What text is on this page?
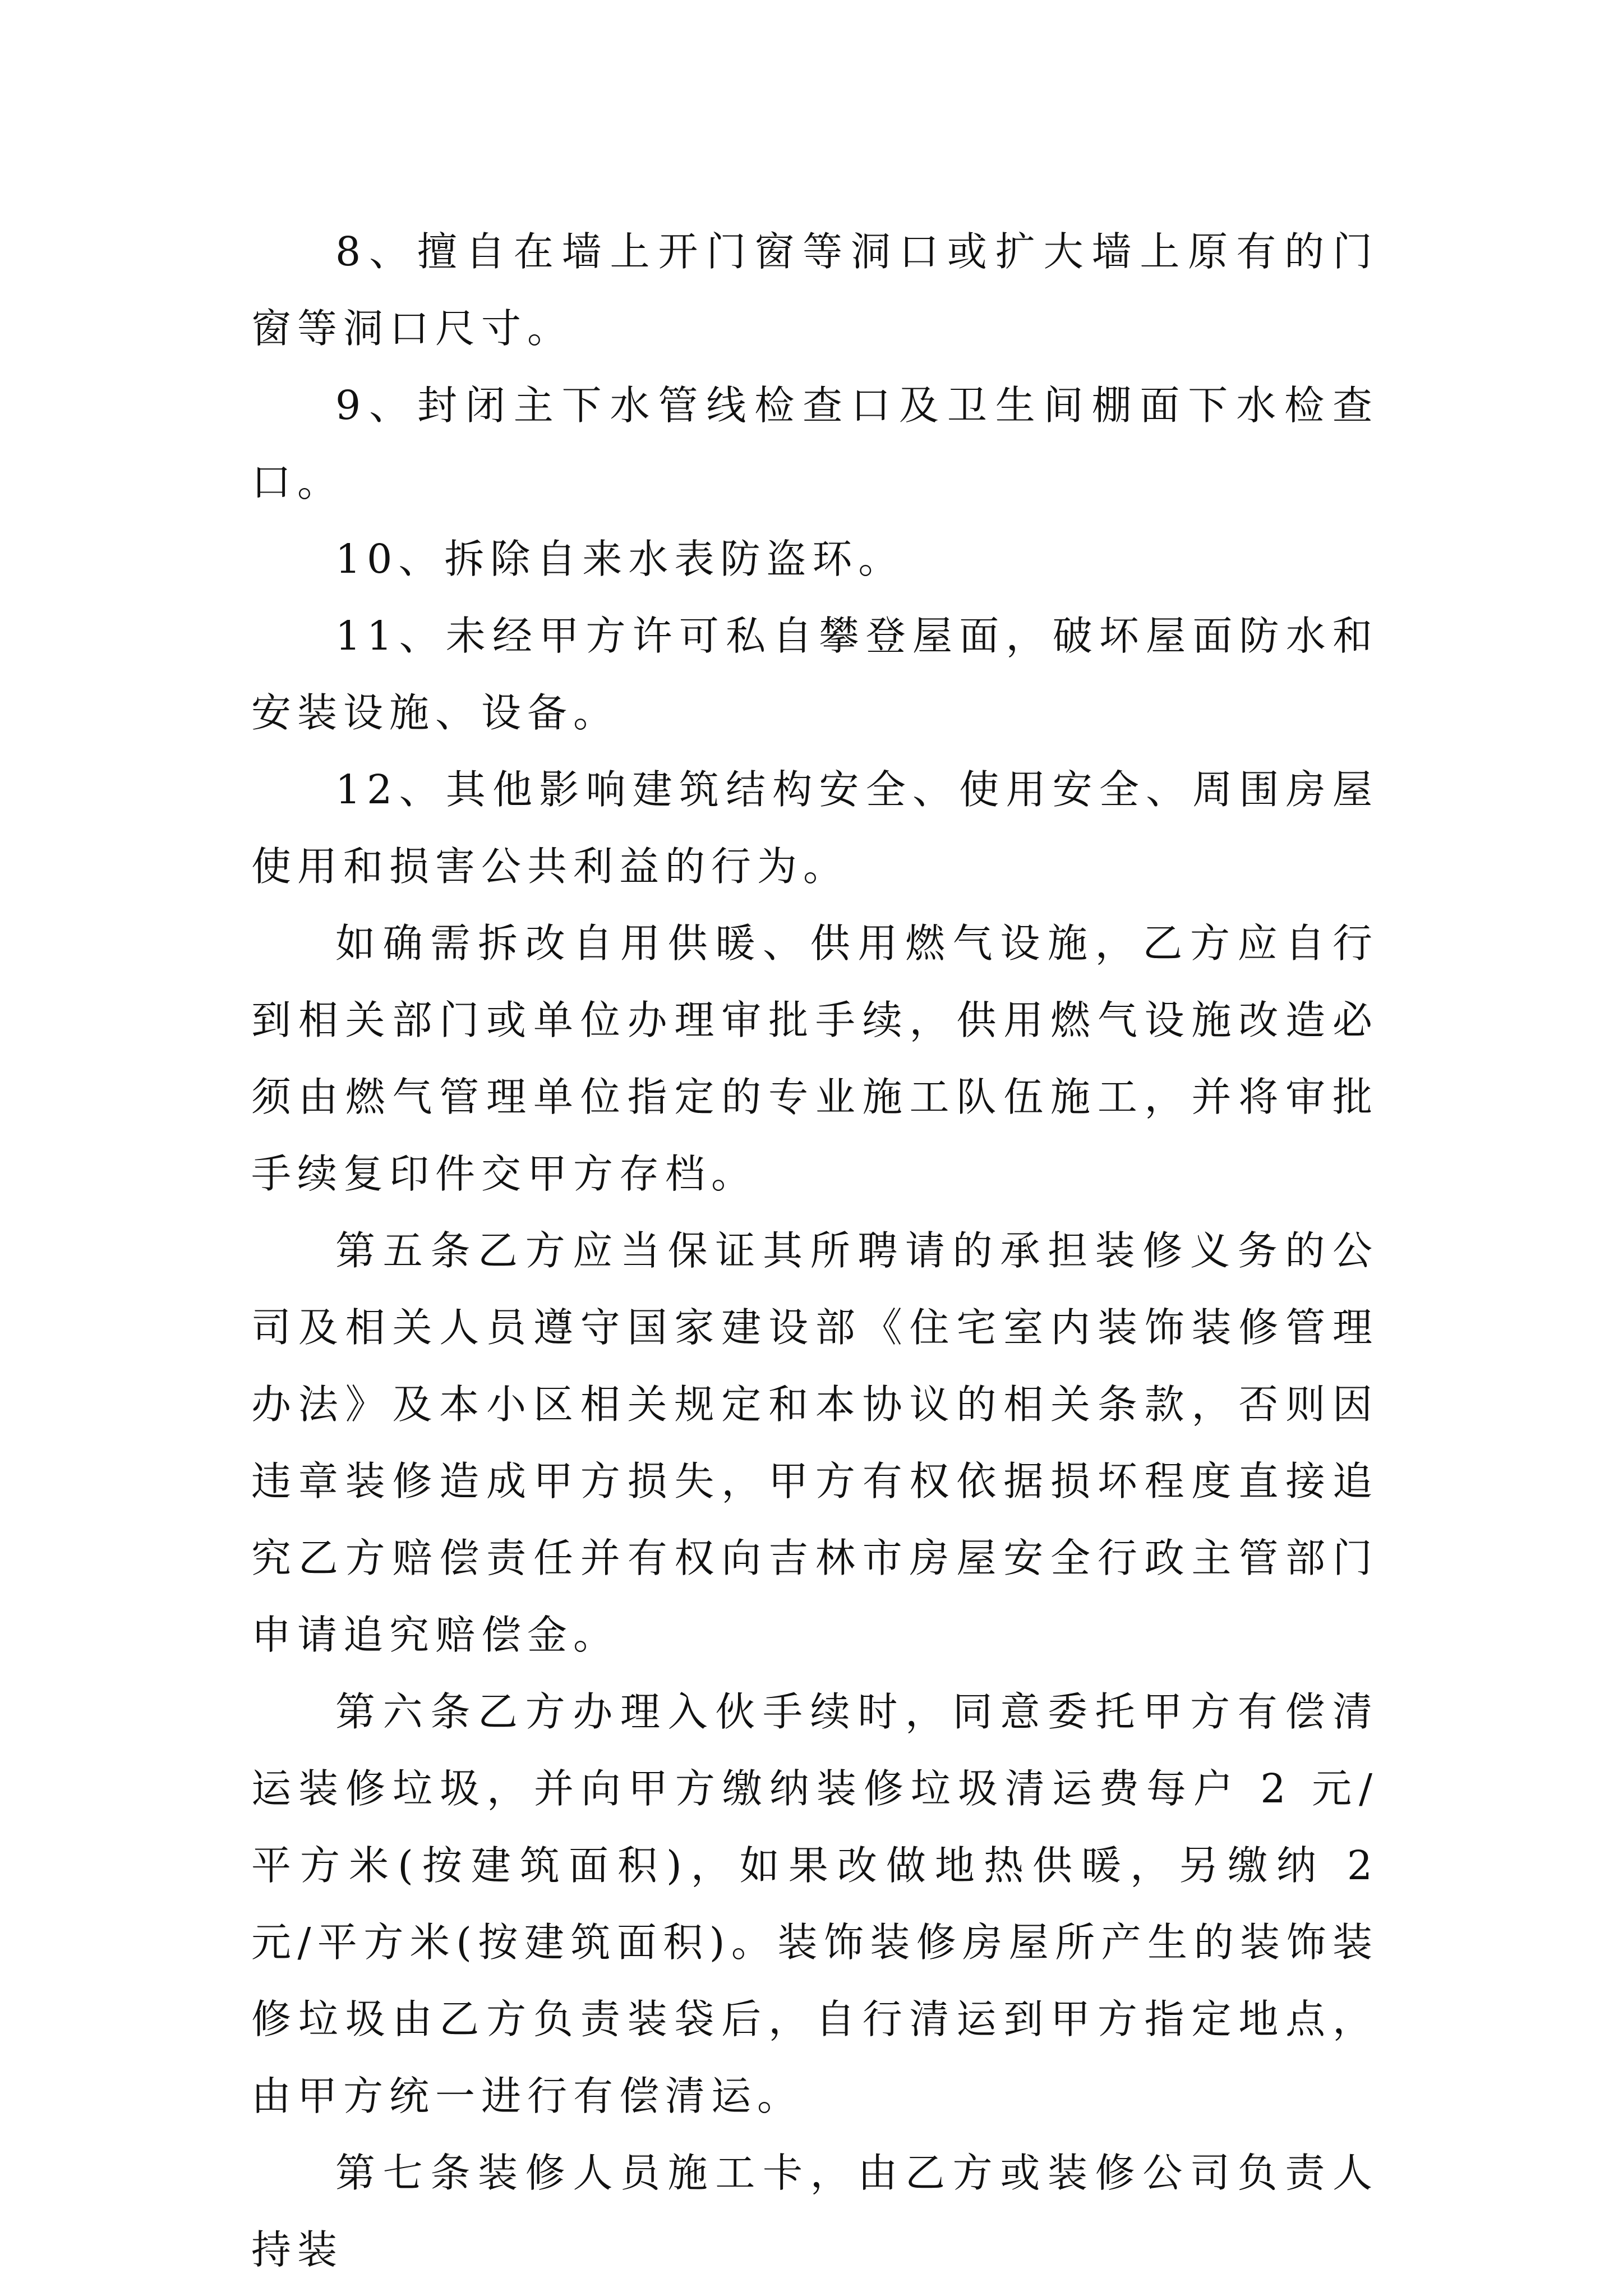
8、擅自在墙上开门窗等洞口或扩大墙上原有的门窗等洞口尺寸。

9、封闭主下水管线检查口及卫生间棚面下水检查口。

10、拆除自来水表防盗环。

11、未经甲方许可私自攀登屋面，破坏屋面防水和安装设施、设备。

12、其他影响建筑结构安全、使用安全、周围房屋使用和损害公共利益的行为。

如确需拆改自用供暖、供用燃气设施，乙方应自行到相关部门或单位办理审批手续，供用燃气设施改造必须由燃气管理单位指定的专业施工队伍施工，并将审批手续复印件交甲方存档。

第五条乙方应当保证其所聘请的承担装修义务的公司及相关人员遵守国家建设部《住宅室内装饰装修管理办法》及本小区相关规定和本协议的相关条款，否则因违章装修造成甲方损失，甲方有权依据损坏程度直接追究乙方赔偿责任并有权向吉林市房屋安全行政主管部门申请追究赔偿金。

第六条乙方办理入伙手续时，同意委托甲方有偿清运装修垃圾，并向甲方缴纳装修垃圾清运费每户 2 元/平方米(按建筑面积)，如果改做地热供暖，另缴纳 2 元/平方米(按建筑面积)。装饰装修房屋所产生的装饰装修垃圾由乙方负责装袋后，自行清运到甲方指定地点，由甲方统一进行有偿清运。

第七条装修人员施工卡，由乙方或装修公司负责人持装
